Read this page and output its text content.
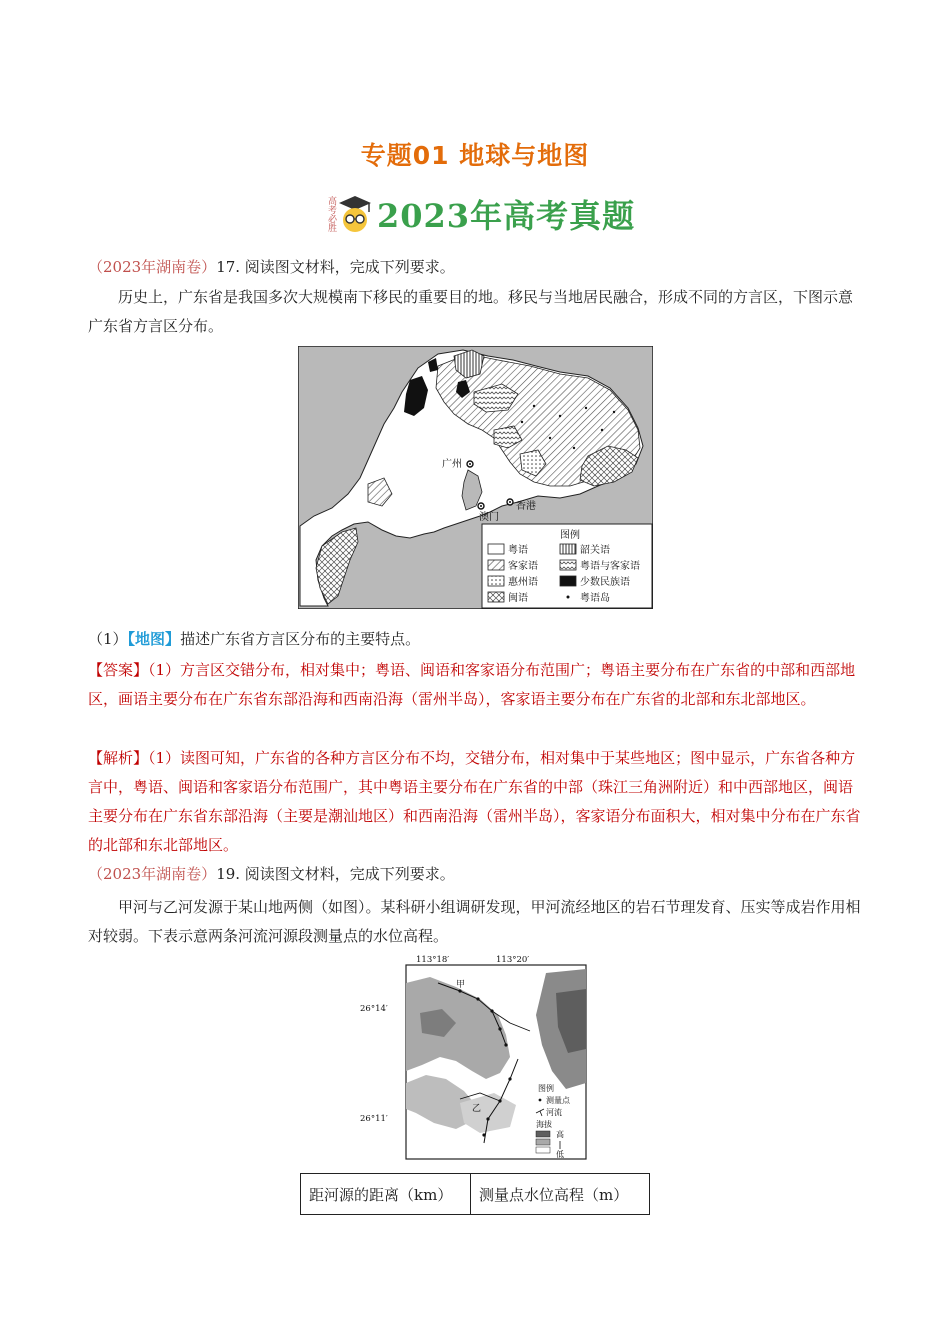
专题01 地球与地图
高考必胜 2023年高考真题

（2023年湖南卷）17. 阅读图文材料，完成下列要求。

历史上，广东省是我国多次大规模南下移民的重要目的地。移民与当地居民融合，形成不同的方言区，下图示意广东省方言区分布。

广州
澳门
香港
图例
粤语	韶关语
客家语	粤语与客家语
惠州语	少数民族语
闽语	粤语岛

（1）【地图】描述广东省方言区分布的主要特点。

【答案】（1）方言区交错分布，相对集中；粤语、闽语和客家语分布范围广；粤语主要分布在广东省的中部和西部地区，画语主要分布在广东省东部沿海和西南沿海（雷州半岛），客家语主要分布在广东省的北部和东北部地区。

【解析】（1）读图可知，广东省的各种方言区分布不均，交错分布，相对集中于某些地区；图中显示，广东省各种方言中，粤语、闽语和客家语分布范围广，其中粤语主要分布在广东省的中部（珠江三角洲附近）和中西部地区，闽语主要分布在广东省东部沿海（主要是潮汕地区）和西南沿海（雷州半岛），客家语分布面积大，相对集中分布在广东省的北部和东北部地区。

（2023年湖南卷）19. 阅读图文材料，完成下列要求。

甲河与乙河发源于某山地两侧（如图）。某科研小组调研发现，甲河流经地区的岩石节理发育、压实等成岩作用相对较弱。下表示意两条河流河源段测量点的水位高程。

甲
乙
113°18′	113°20′
26°14′
26°11′
图例
测量点
河流
海拔
高
低
距河源的距离（km）	测量点水位高程（m）
